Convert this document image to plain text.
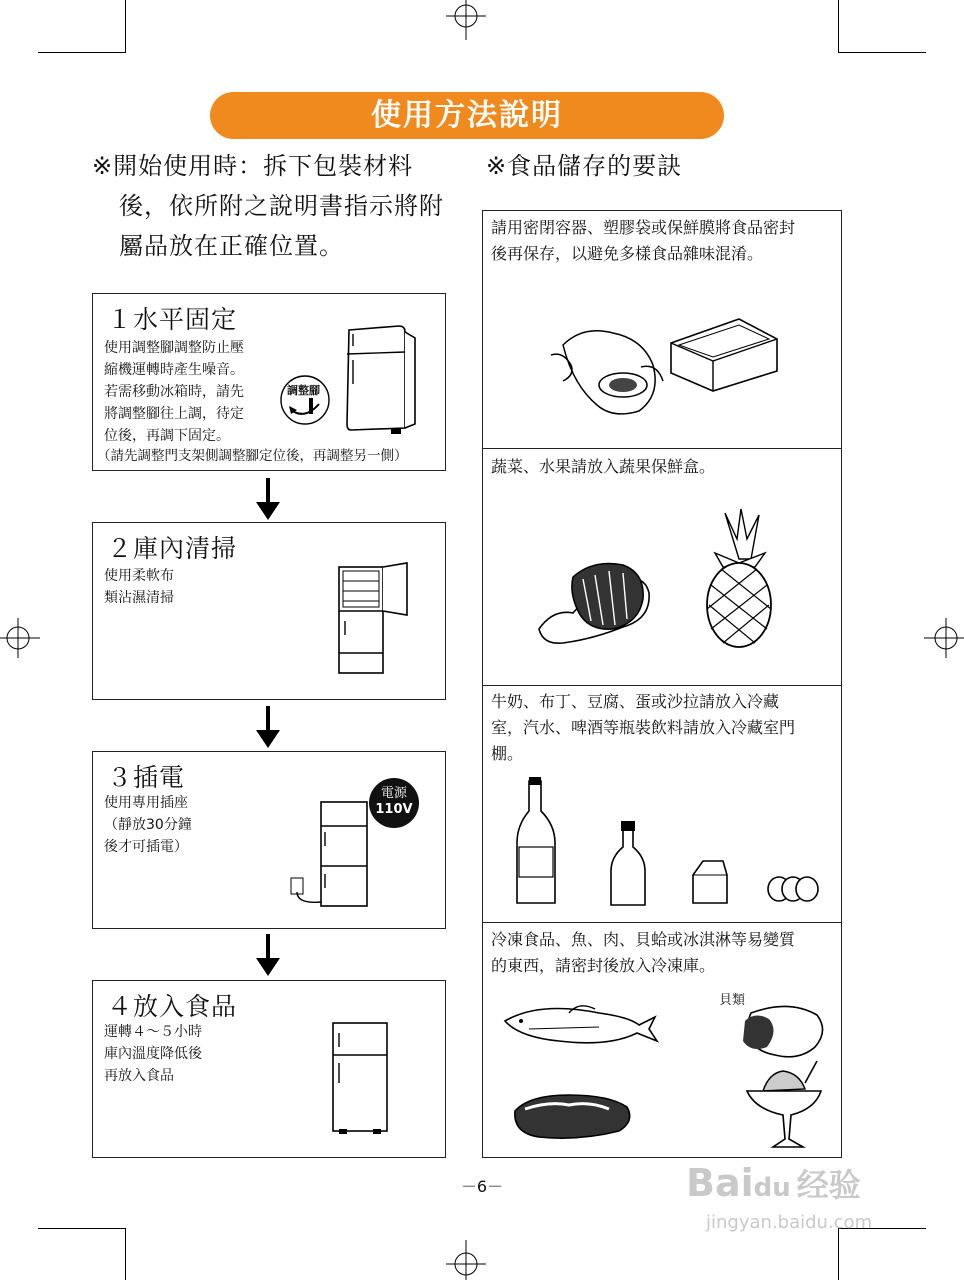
使用方法說明
※開始使用時：拆下包裝材料
後，依所附之說明書指示將附
屬品放在正確位置。
１水平固定

使用調整腳調整防止壓

縮機運轉時產生噪音。

若需移動冰箱時，請先

將調整腳往上調，待定

位後，再調下固定。

（請先調整門支架側調整腳定位後，再調整另一側）

調整腳
２庫內清掃

使用柔軟布

類沾濕清掃

３插電

使用專用插座

（靜放30分鐘

後才可插電）

電源
110V
４放入食品

運轉４～５小時

庫內溫度降低後

再放入食品

※食品儲存的要訣
請用密閉容器、塑膠袋或保鮮膜將食品密封
後再保存，以避免多樣食品雜味混淆。
蔬菜、水果請放入蔬果保鮮盒。
牛奶、布丁、豆腐、蛋或沙拉請放入冷藏
室，汽水、啤酒等瓶裝飲料請放入冷藏室門
棚。
冷凍食品、魚、肉、貝蛤或冰淇淋等易變質
的東西，請密封後放入冷凍庫。
貝類
－6－	Baidu 经验
jingyan.baidu.com
